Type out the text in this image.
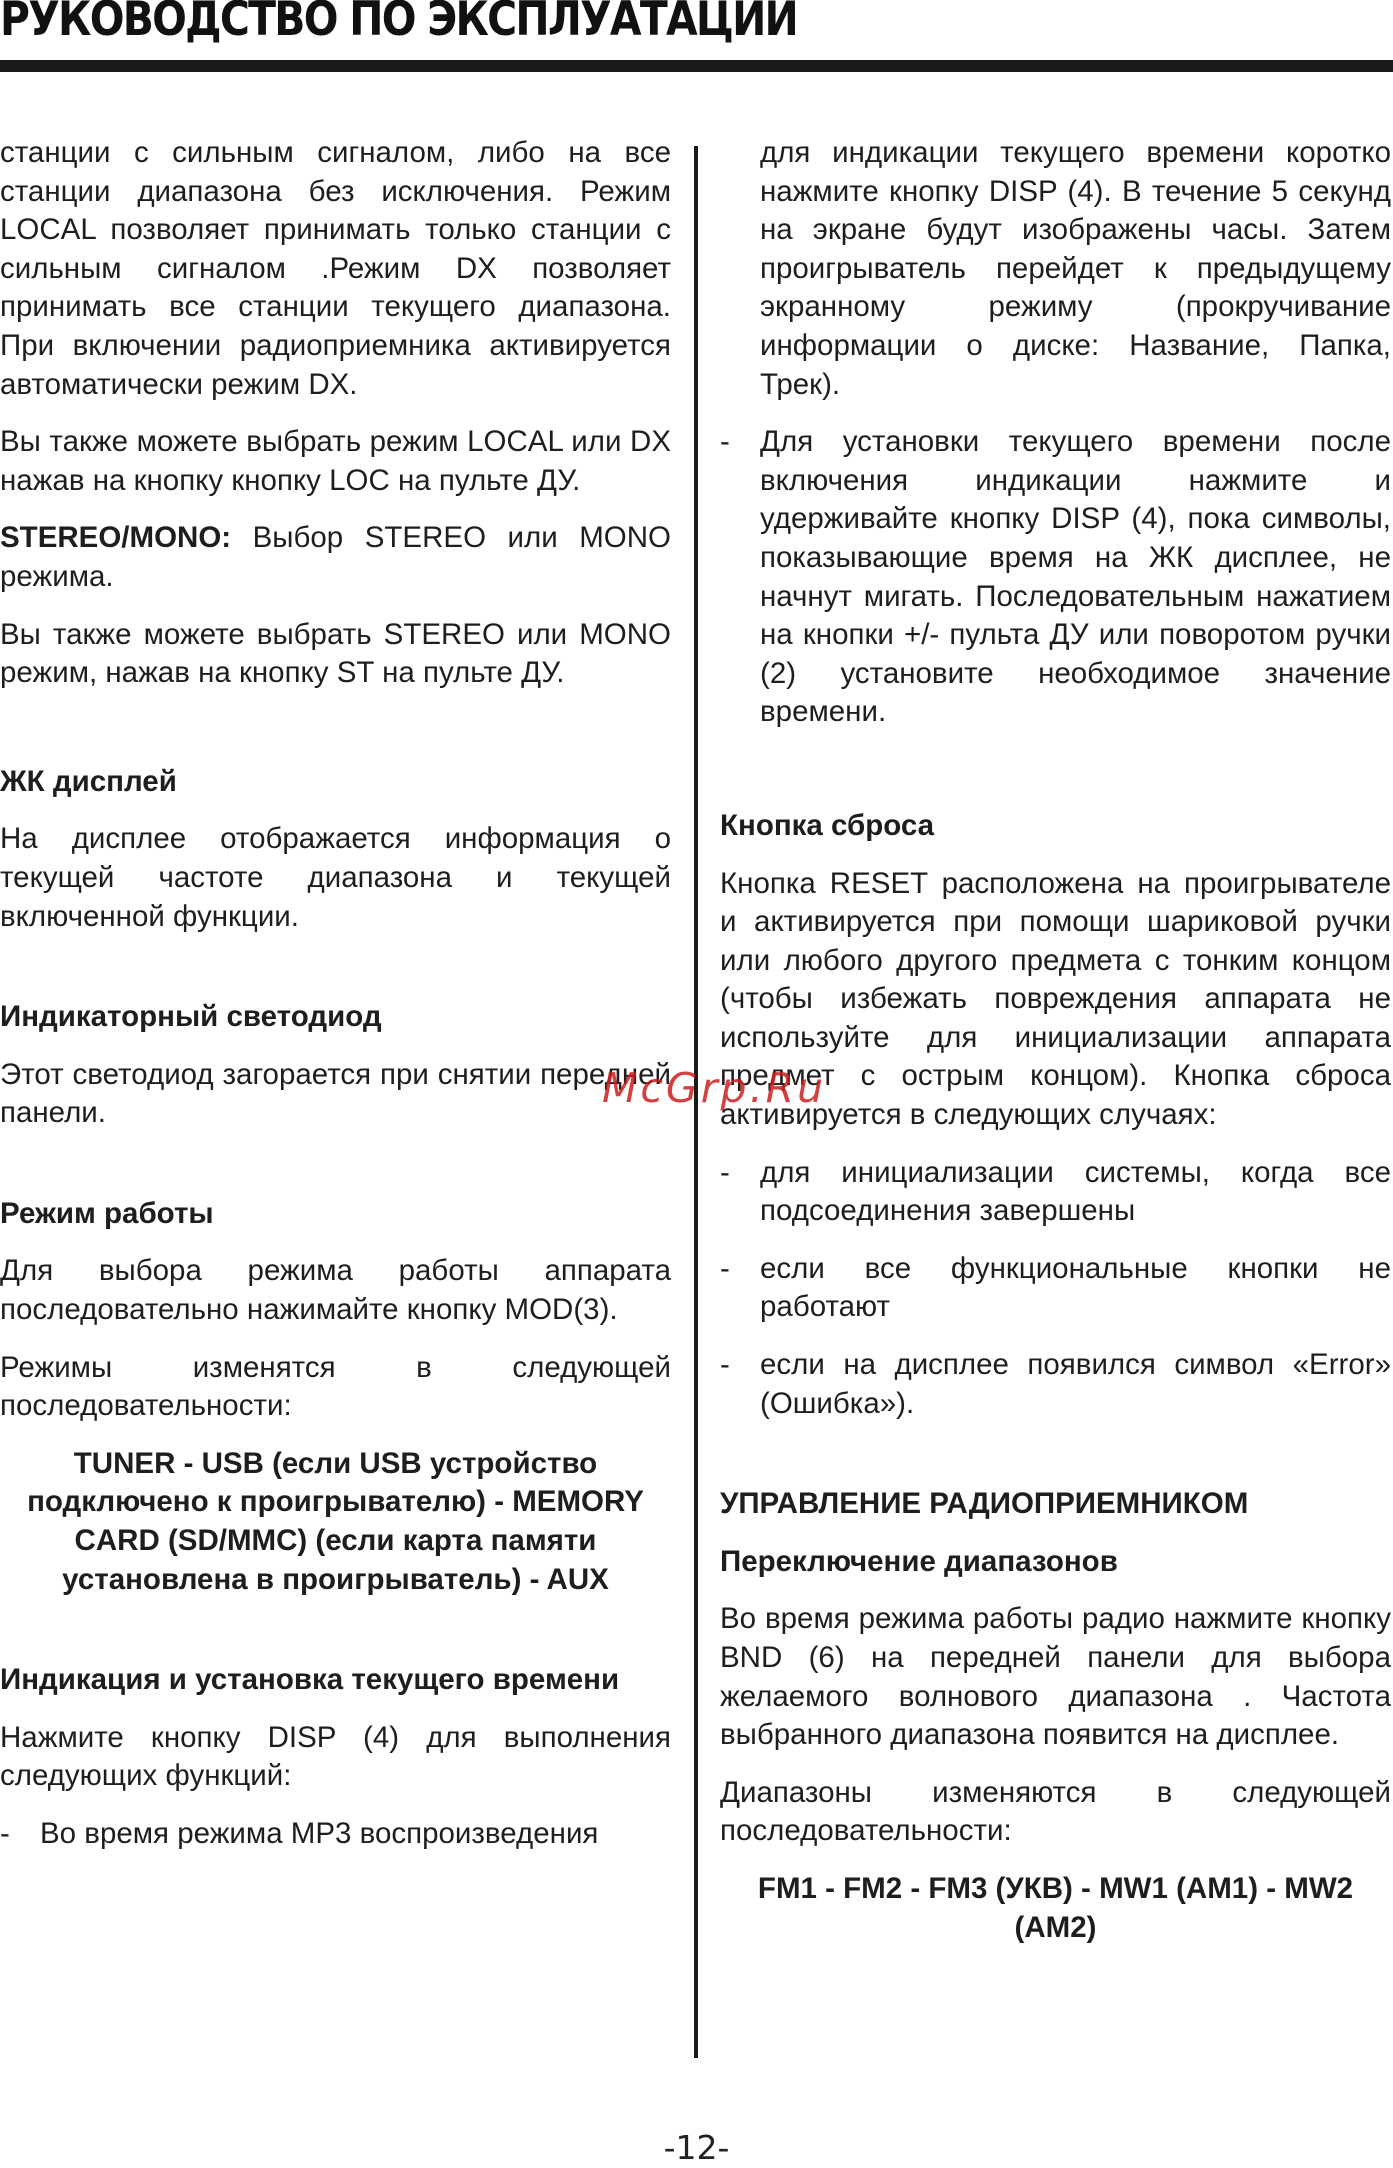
РУКОВОДСТВО ПО ЭКСПЛУАТАЦИИ

станции с сильным сигналом, либо на все станции диапазона без исключения. Режим LOCAL позволяет принимать только станции с сильным сигналом .Режим DX позволяет принимать все станции текущего диапазона. При включении радиоприемника активируется автоматически режим DX.

Вы также можете выбрать режим LOCAL или DX нажав на кнопку кнопку LOC на пульте ДУ.

STEREO/MONO: Выбор STEREO или MONO режима.

Вы также можете выбрать STEREO или MONO режим, нажав на кнопку ST на пульте ДУ.

ЖК дисплей

На дисплее отображается информация о текущей частоте диапазона и текущей включенной функции.

Индикаторный светодиод

Этот светодиод загорается при снятии передней панели.

Режим работы

Для выбора режима работы аппарата последовательно нажимайте кнопку MOD(3).

Режимы изменятся в следующей последовательности:

TUNER - USB (если USB устройство подключено к проигрывателю) - MEMORY CARD (SD/MMC) (если карта памяти установлена в проигрыватель) - AUX
Индикация и установка текущего времени

Нажмите кнопку DISP (4) для выполнения следующих функций:

- Во время режима MP3 воспроизведения
для индикации текущего времени коротко нажмите кнопку DISP (4). В течение 5 секунд на экране будут изображены часы. Затем проигрыватель перейдет к предыдущему экранному режиму (прокручивание информации о диске: Название, Папка, Трек).
- Для установки текущего времени после включения индикации нажмите и удерживайте кнопку DISP (4), пока символы, показывающие время на ЖК дисплее, не начнут мигать. Последовательным нажатием на кнопки +/- пульта ДУ или поворотом ручки (2) установите необходимое значение времени.
Кнопка сброса

Кнопка RESET расположена на проигрывателе и активируется при помощи шариковой ручки или любого другого предмета с тонким концом (чтобы избежать повреждения аппарата не используйте для инициализации аппарата предмет с острым концом). Кнопка сброса активируется в следующих случаях:

- для инициализации системы, когда все подсоединения завершены
- если все функциональные кнопки не работают
- если на дисплее появился символ «Error» (Ошибка»).
УПРАВЛЕНИЕ РАДИОПРИЕМНИКОМ
Переключение диапазонов

Во время режима работы радио нажмите кнопку BND (6) на передней панели для выбора желаемого волнового диапазона . Частота выбранного диапазона появится на дисплее.

Диапазоны изменяются в следующей последовательности:

FM1 - FM2 - FM3 (УКВ) - MW1 (АМ1) - MW2 (АМ2)
McGrp.Ru
-12-
